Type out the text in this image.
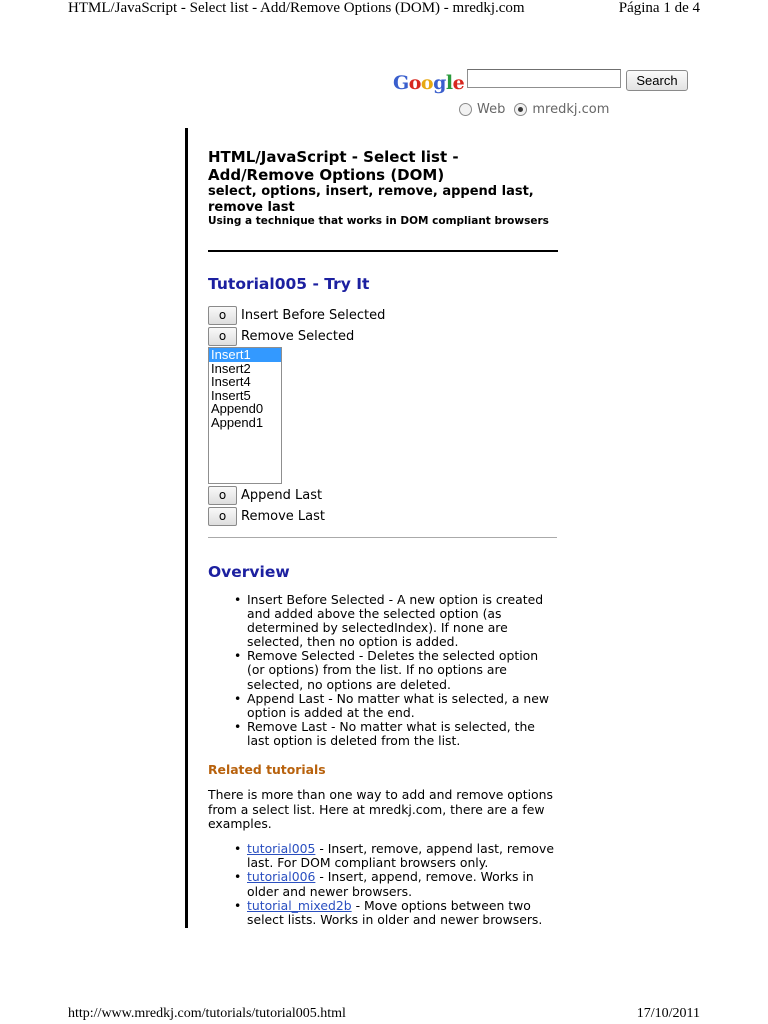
HTML/JavaScript - Select list - Add/Remove Options (DOM) - mredkj.com	Página 1 de 4
Google	Search
Web mredkj.com
HTML/JavaScript - Select list - Add/Remove Options (DOM)
select, options, insert, remove, append last, remove last
Using a technique that works in DOM compliant browsers
Tutorial005 - Try It
o	Insert Before Selected
o	Remove Selected
Insert1
Insert2
Insert4
Insert5
Append0
Append1
o	Append Last
o	Remove Last
Overview
• Insert Before Selected - A new option is created and added above the selected option (as determined by selectedIndex). If none are selected, then no option is added.
• Remove Selected - Deletes the selected option (or options) from the list. If no options are selected, no options are deleted.
• Append Last - No matter what is selected, a new option is added at the end.
• Remove Last - No matter what is selected, the last option is deleted from the list.
Related tutorials
There is more than one way to add and remove options from a select list. Here at mredkj.com, there are a few examples.
• tutorial005 - Insert, remove, append last, remove last. For DOM compliant browsers only.
• tutorial006 - Insert, append, remove. Works in older and newer browsers.
• tutorial_mixed2b - Move options between two select lists. Works in older and newer browsers.
http://www.mredkj.com/tutorials/tutorial005.html	17/10/2011
